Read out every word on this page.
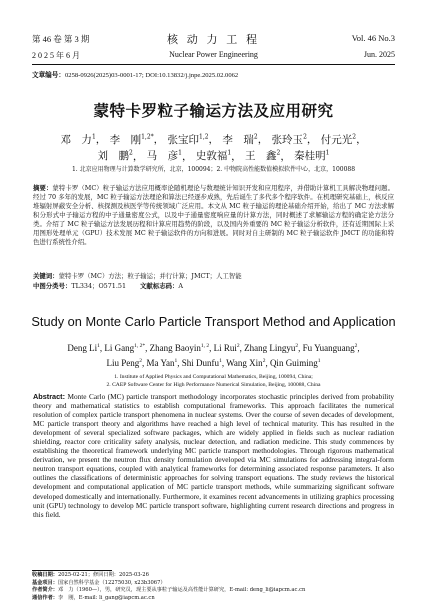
第 46 卷 第 3 期	核 动 力 工 程	Vol. 46 No.3
2 0 2 5 年 6 月	Nuclear Power Engineering	Jun. 2025
文章编号：0258-0926(2025)03-0001-17; DOI:10.13832/j.jnpe.2025.02.0062
蒙特卡罗粒子输运方法及应用研究
邓　力$^1$， 李　刚$^{1,2*}$， 张宝印$^{1,2}$， 李　瑞$^2$， 张玲玉$^2$， 付元光$^2$，
刘　鹏$^2$， 马　彦$^1$， 史敦福$^1$， 王　鑫$^2$， 秦桂明$^1$
1. 北京应用物理与计算数学研究所，北京，100094；2. 中物院高性能数值模拟软件中心，北京，100088
摘要：蒙特卡罗（MC）粒子输运方法应用概率论随机理论与数理统计知识开发和应用程序，并借助计算机工具解决物理问题。经过 70 多年的发展，MC 粒子输运方法理论和算法已经逐步成熟，先后诞生了多代多个程序软件。在机理研究基础上，核反应堆辐射屏蔽安全分析、核探测及核医学等传统领域广泛应用。本文从 MC 粒子输运的理论基础介绍开始，给出了 MC 方法求解积分形式中子输运方程的中子通量密度公式，以及中子通量密度响应量的计算方法，同时概述了求解输运方程的确定论方法分类。介绍了 MC 粒子输运方法发展历程和计算应用趋势的阶段，以及国内外重要的 MC 粒子输运分析软件，还有近期国际上采用图形处理单元（GPU）技术发展 MC 粒子输运软件的方向和进展。同时对自主研制的 MC 粒子输运软件 JMCT 的功能和特色进行系统性介绍。
关键词：蒙特卡罗（MC）方法；粒子输运；并行计算；JMCT；人工智能
中图分类号：TL334；O571.51 文献标志码：A
Study on Monte Carlo Particle Transport Method and Application
Deng Li$^1$, Li Gang$^{1, 2*}$, Zhang Baoyin$^{1, 2}$, Li Rui$^2$, Zhang Lingyu$^2$, Fu Yuanguang$^2$,
Liu Peng$^2$, Ma Yan$^1$, Shi Dunfu$^1$, Wang Xin$^2$, Qin Guiming$^1$
1. Institute of Applied Physics and Computational Mathematics, Beijing, 100094, China;
2. CAEP Software Center for High Performance Numerical Simulation, Beijing, 100088, China
Abstract: Monte Carlo (MC) particle transport methodology incorporates stochastic principles derived from probability theory and mathematical statistics to establish computational frameworks. This approach facilitates the numerical resolution of complex particle transport phenomena in nuclear systems. Over the course of seven decades of development, MC particle transport theory and algorithms have reached a high level of technical maturity. This has resulted in the development of several specialized software packages, which are widely applied in fields such as nuclear radiation shielding, reactor core criticality safety analysis, nuclear detection, and radiation medicine. This study commences by establishing the theoretical framework underlying MC particle transport methodologies. Through rigorous mathematical derivation, we present the neutron flux density formulation developed via MC simulations for addressing integral-form neutron transport equations, coupled with analytical frameworks for determining associated response parameters. It also outlines the classifications of deterministic approaches for solving transport equations. The study reviews the historical development and computational application of MC particle transport methods, while summarizing significant software developed domestically and internationally. Furthermore, it examines recent advancements in utilizing graphics processing unit (GPU) technology to develop MC particle transport software, highlighting current research directions and progress in this field.
收稿日期：2025-02-21；修回日期：2025-03-26
基金项目：国家自然科学基金（12275030, x23b3067）
作者简介：邓　力（1960—），男，研究员，现主要从事粒子输运及高性能计算研究，E-mail: deng_li@iapcm.ac.cn
通信作者：李　刚，E-mail: li_gang@iapcm.ac.cn
